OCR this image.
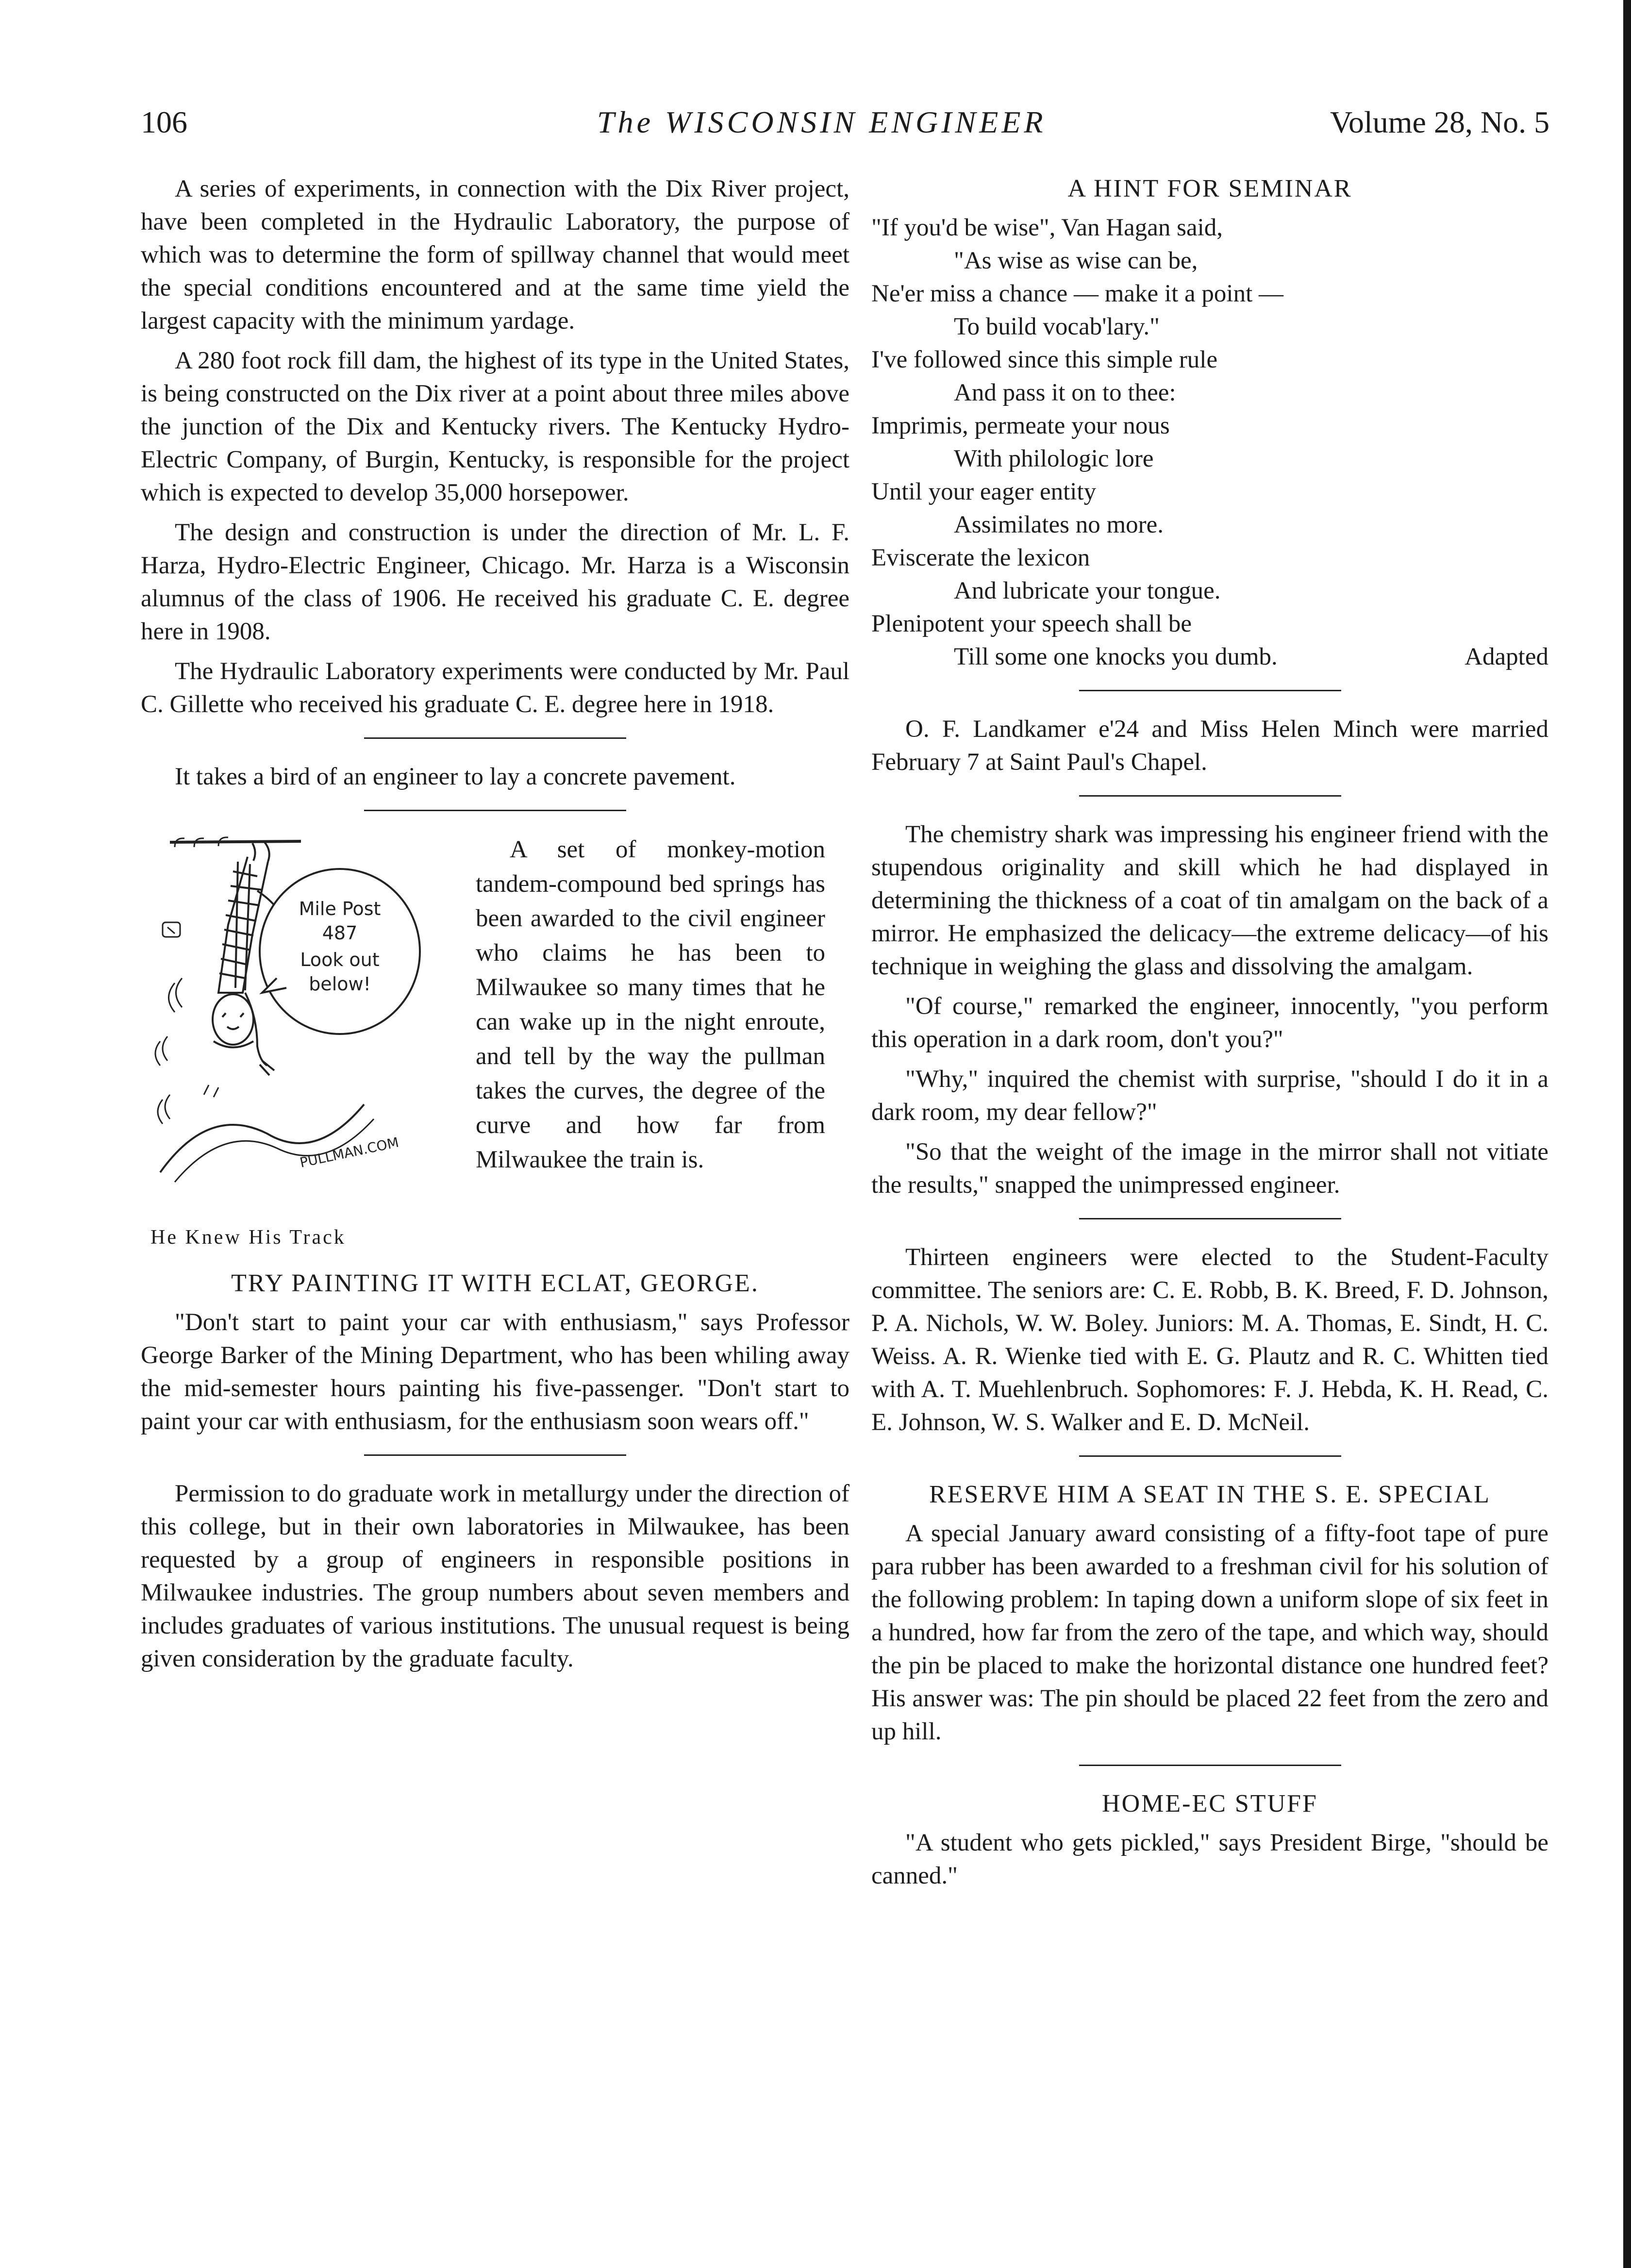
106	The WISCONSIN ENGINEER	Volume 28, No. 5

A series of experiments, in connection with the Dix River project, have been completed in the Hydraulic Laboratory, the purpose of which was to determine the form of spillway channel that would meet the special conditions encountered and at the same time yield the largest capacity with the minimum yardage.

A 280 foot rock fill dam, the highest of its type in the United States, is being constructed on the Dix river at a point about three miles above the junction of the Dix and Kentucky rivers. The Kentucky Hydro-Electric Company, of Burgin, Kentucky, is responsible for the project which is expected to develop 35,000 horsepower.

The design and construction is under the direction of Mr. L. F. Harza, Hydro-Electric Engineer, Chicago. Mr. Harza is a Wisconsin alumnus of the class of 1906. He received his graduate C. E. degree here in 1908.

The Hydraulic Laboratory experiments were conducted by Mr. Paul C. Gillette who received his graduate C. E. degree here in 1918.

It takes a bird of an engineer to lay a concrete pavement.

Mile Post
487
Look out
below!
PULLMAN.COM
He Knew His Track

A set of monkey-motion tandem-compound bed springs has been awarded to the civil engineer who claims he has been to Milwaukee so many times that he can wake up in the night enroute, and tell by the way the pullman takes the curves, the degree of the curve and how far from Milwaukee the train is.

TRY PAINTING IT WITH ECLAT, GEORGE.

"Don't start to paint your car with enthusiasm," says Professor George Barker of the Mining Department, who has been whiling away the mid-semester hours painting his five-passenger. "Don't start to paint your car with enthusiasm, for the enthusiasm soon wears off."

Permission to do graduate work in metallurgy under the direction of this college, but in their own laboratories in Milwaukee, has been requested by a group of engineers in responsible positions in Milwaukee industries. The group numbers about seven members and includes graduates of various institutions. The unusual request is being given consideration by the graduate faculty.

A HINT FOR SEMINAR
"If you'd be wise", Van Hagan said,
"As wise as wise can be,
Ne'er miss a chance — make it a point —
To build vocab'lary."
I've followed since this simple rule
And pass it on to thee:
Imprimis, permeate your nous
With philologic lore
Until your eager entity
Assimilates no more.
Eviscerate the lexicon
And lubricate your tongue.
Plenipotent your speech shall be
Till some one knocks you dumb.	Adapted

O. F. Landkamer e'24 and Miss Helen Minch were married February 7 at Saint Paul's Chapel.

The chemistry shark was impressing his engineer friend with the stupendous originality and skill which he had displayed in determining the thickness of a coat of tin amalgam on the back of a mirror. He emphasized the delicacy—the extreme delicacy—of his technique in weighing the glass and dissolving the amalgam.

"Of course," remarked the engineer, innocently, "you perform this operation in a dark room, don't you?"

"Why," inquired the chemist with surprise, "should I do it in a dark room, my dear fellow?"

"So that the weight of the image in the mirror shall not vitiate the results," snapped the unimpressed engineer.

Thirteen engineers were elected to the Student-Faculty committee. The seniors are: C. E. Robb, B. K. Breed, F. D. Johnson, P. A. Nichols, W. W. Boley. Juniors: M. A. Thomas, E. Sindt, H. C. Weiss. A. R. Wienke tied with E. G. Plautz and R. C. Whitten tied with A. T. Muehlenbruch. Sophomores: F. J. Hebda, K. H. Read, C. E. Johnson, W. S. Walker and E. D. McNeil.

RESERVE HIM A SEAT IN THE S. E. SPECIAL

A special January award consisting of a fifty-foot tape of pure para rubber has been awarded to a freshman civil for his solution of the following problem: In taping down a uniform slope of six feet in a hundred, how far from the zero of the tape, and which way, should the pin be placed to make the horizontal distance one hundred feet? His answer was: The pin should be placed 22 feet from the zero and up hill.

HOME-EC STUFF

"A student who gets pickled," says President Birge, "should be canned."
